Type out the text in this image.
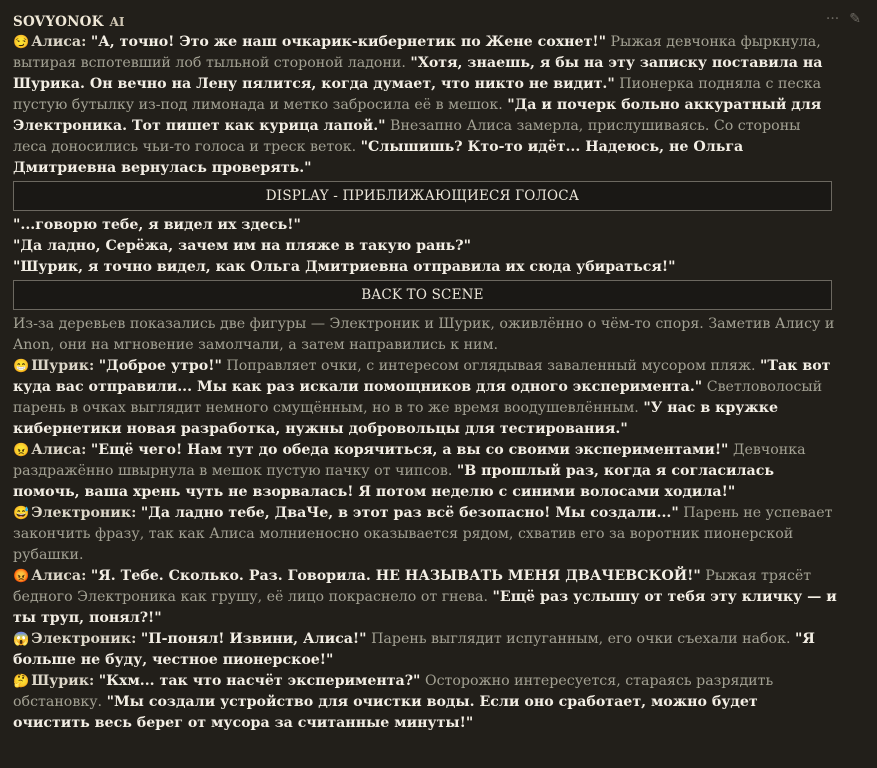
SOVYONOK ΑΙ	··· ✎

😏 Алиса: "А, точно! Это же наш очкарик-кибернетик по Жене сохнет!" Рыжая девчонка фыркнула, вытирая вспотевший лоб тыльной стороной ладони. "Хотя, знаешь, я бы на эту записку поставила на Шурика. Он вечно на Лену пялится, когда думает, что никто не видит." Пионерка подняла с песка пустую бутылку из-под лимонада и метко забросила её в мешок. "Да и почерк больно аккуратный для Электроника. Тот пишет как курица лапой." Внезапно Алиса замерла, прислушиваясь. Со стороны леса доносились чьи-то голоса и треск веток. "Слышишь? Кто-то идёт... Надеюсь, не Ольга Дмитриевна вернулась проверять."

DISPLAY - ПРИБЛИЖАЮЩИЕСЯ ГОЛОСА
"...говорю тебе, я видел их здесь!"
"Да ладно, Серёжа, зачем им на пляже в такую рань?"
"Шурик, я точно видел, как Ольга Дмитриевна отправила их сюда убираться!"
BACK TO SCENE

Из-за деревьев показались две фигуры — Электроник и Шурик, оживлённо о чём-то споря. Заметив Алису и Anon, они на мгновение замолчали, а затем направились к ним.

😁 Шурик: "Доброе утро!" Поправляет очки, с интересом оглядывая заваленный мусором пляж. "Так вот куда вас отправили... Мы как раз искали помощников для одного эксперимента." Светловолосый парень в очках выглядит немного смущённым, но в то же время воодушевлённым. "У нас в кружке кибернетики новая разработка, нужны добровольцы для тестирования."

😠 Алиса: "Ещё чего! Нам тут до обеда корячиться, а вы со своими экспериментами!" Девчонка раздражённо швырнула в мешок пустую пачку от чипсов. "В прошлый раз, когда я согласилась помочь, ваша хрень чуть не взорвалась! Я потом неделю с синими волосами ходила!"

😅 Электроник: "Да ладно тебе, ДваЧе, в этот раз всё безопасно! Мы создали..." Парень не успевает закончить фразу, так как Алиса молниеносно оказывается рядом, схватив его за воротник пионерской рубашки.

😡 Алиса: "Я. Тебе. Сколько. Раз. Говорила. НЕ НАЗЫВАТЬ МЕНЯ ДВАЧЕВСКОЙ!" Рыжая трясёт бедного Электроника как грушу, её лицо покраснело от гнева. "Ещё раз услышу от тебя эту кличку — и ты труп, понял?!"

😱 Электроник: "П-понял! Извини, Алиса!" Парень выглядит испуганным, его очки съехали набок. "Я больше не буду, честное пионерское!"

🤔 Шурик: "Кхм... так что насчёт эксперимента?" Осторожно интересуется, стараясь разрядить обстановку. "Мы создали устройство для очистки воды. Если оно сработает, можно будет очистить весь берег от мусора за считанные минуты!"
